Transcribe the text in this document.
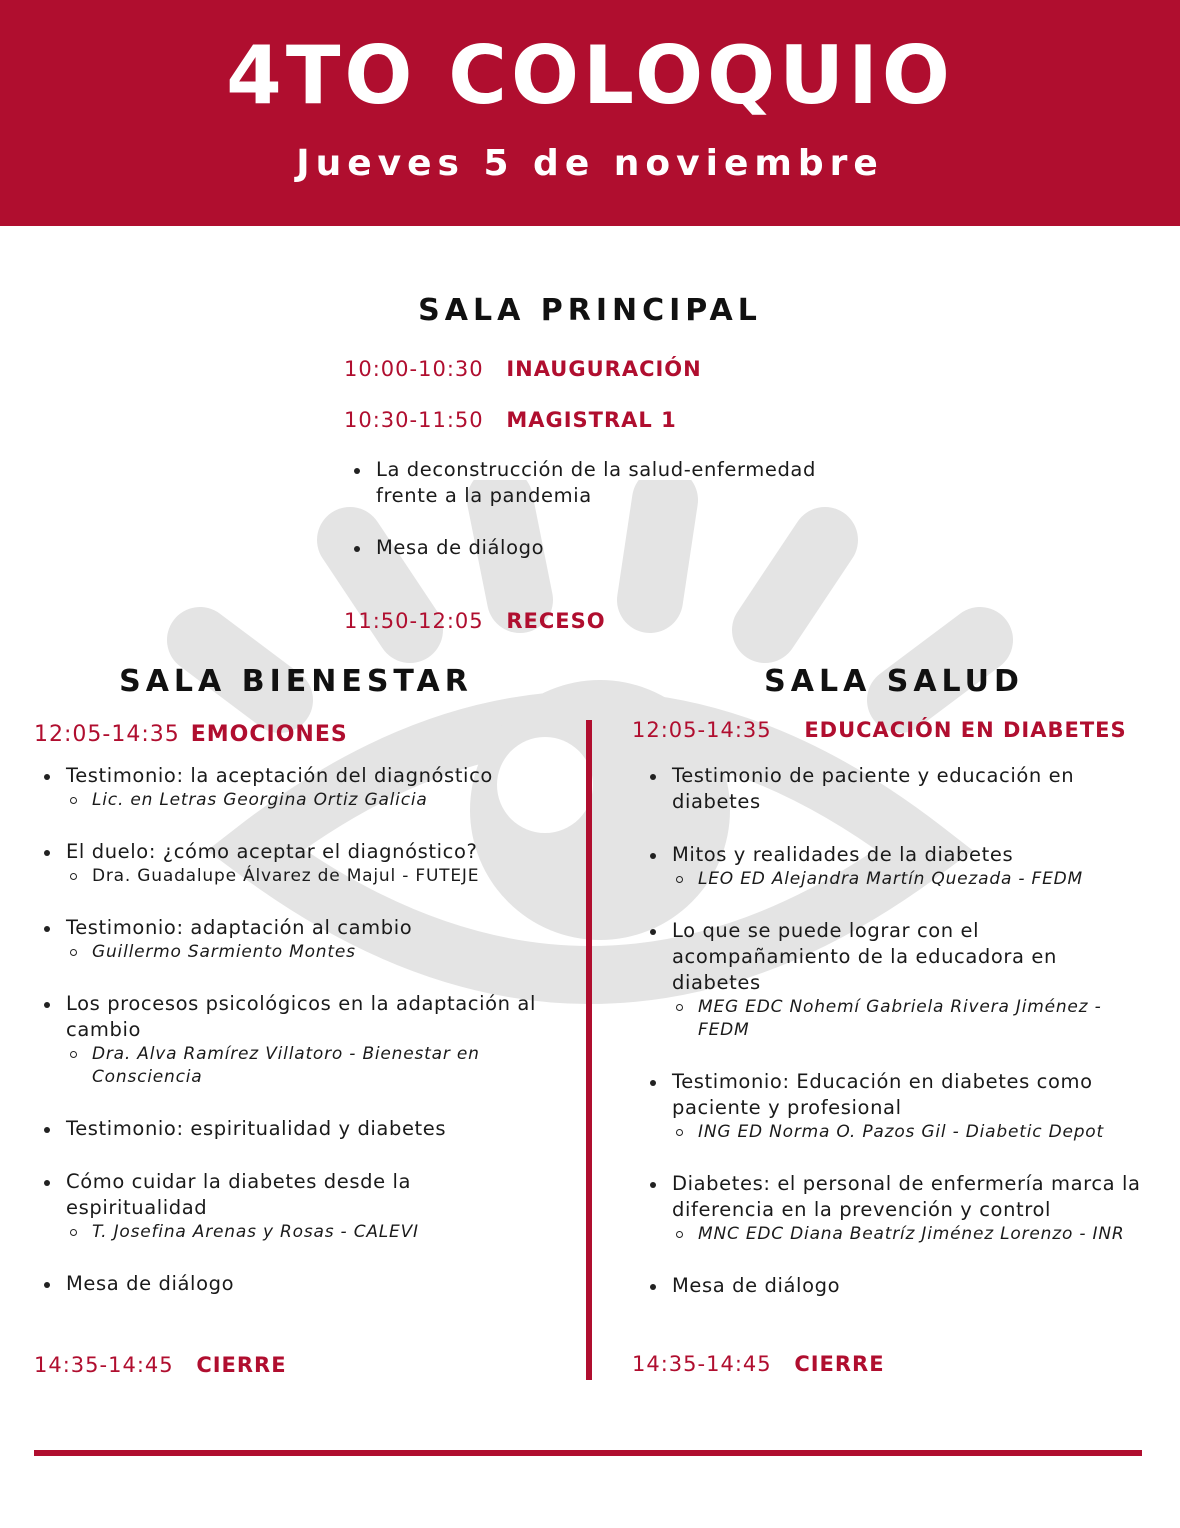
4TO COLOQUIO
Jueves 5 de noviembre
SALA PRINCIPAL
10:00-10:30 INAUGURACIÓN
10:30-11:50 MAGISTRAL 1
La deconstrucción de la salud-enfermedad
frente a la pandemia
Mesa de diálogo
11:50-12:05 RECESO
SALA BIENESTAR
12:05-14:35 EMOCIONES
Testimonio: la aceptación del diagnóstico
Lic. en Letras Georgina Ortiz Galicia
El duelo: ¿cómo aceptar el diagnóstico?
Dra. Guadalupe Álvarez de Majul - FUTEJE
Testimonio: adaptación al cambio
Guillermo Sarmiento Montes
Los procesos psicológicos en la adaptación al cambio
Dra. Alva Ramírez Villatoro - Bienestar en Consciencia
Testimonio: espiritualidad y diabetes
Cómo cuidar la diabetes desde la espiritualidad
T. Josefina Arenas y Rosas - CALEVI
Mesa de diálogo
14:35-14:45 CIERRE
SALA SALUD
12:05-14:35 EDUCACIÓN EN DIABETES
Testimonio de paciente y educación en diabetes
Mitos y realidades de la diabetes
LEO ED Alejandra Martín Quezada - FEDM
Lo que se puede lograr con el acompañamiento de la educadora en diabetes
MEG EDC Nohemí Gabriela Rivera Jiménez - FEDM
Testimonio: Educación en diabetes como paciente y profesional
ING ED Norma O. Pazos Gil - Diabetic Depot
Diabetes: el personal de enfermería marca la diferencia en la prevención y control
MNC EDC Diana Beatríz Jiménez Lorenzo - INR
Mesa de diálogo
14:35-14:45 CIERRE
